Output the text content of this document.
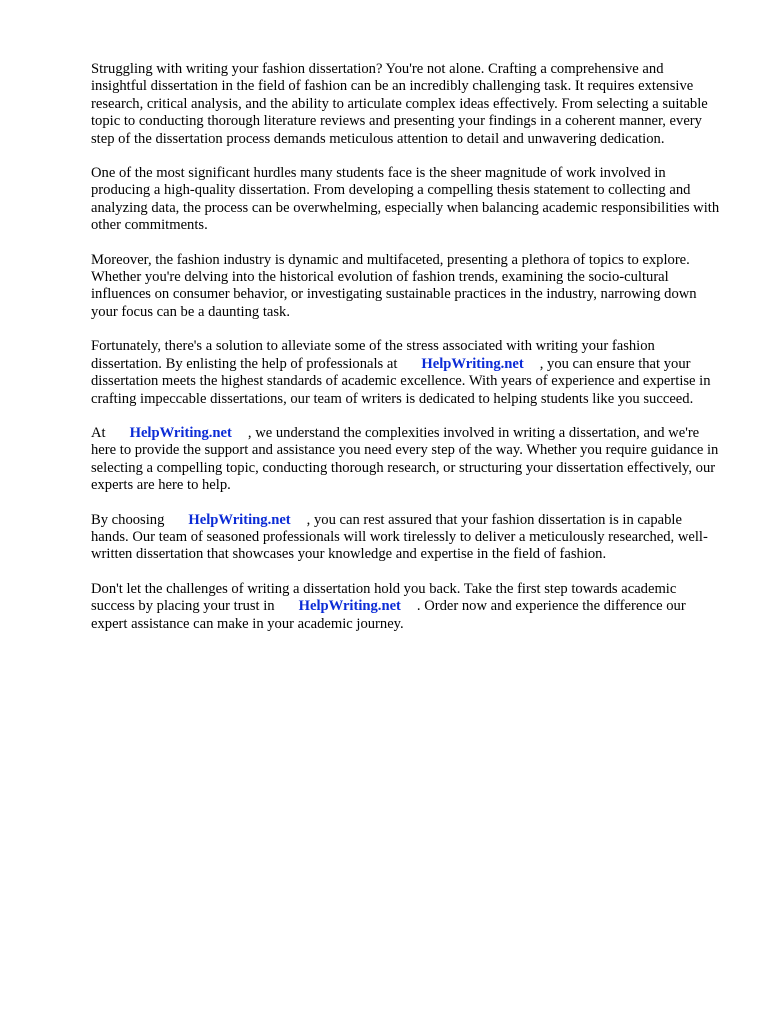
Struggling with writing your fashion dissertation? You're not alone. Crafting a comprehensive and insightful dissertation in the field of fashion can be an incredibly challenging task. It requires extensive research, critical analysis, and the ability to articulate complex ideas effectively. From selecting a suitable topic to conducting thorough literature reviews and presenting your findings in a coherent manner, every step of the dissertation process demands meticulous attention to detail and unwavering dedication.

One of the most significant hurdles many students face is the sheer magnitude of work involved in producing a high-quality dissertation. From developing a compelling thesis statement to collecting and analyzing data, the process can be overwhelming, especially when balancing academic responsibilities with other commitments.

Moreover, the fashion industry is dynamic and multifaceted, presenting a plethora of topics to explore. Whether you're delving into the historical evolution of fashion trends, examining the socio-cultural influences on consumer behavior, or investigating sustainable practices in the industry, narrowing down your focus can be a daunting task.

Fortunately, there's a solution to alleviate some of the stress associated with writing your fashion dissertation. By enlisting the help of professionals at HelpWriting.net , you can ensure that your dissertation meets the highest standards of academic excellence. With years of experience and expertise in crafting impeccable dissertations, our team of writers is dedicated to helping students like you succeed.

At HelpWriting.net , we understand the complexities involved in writing a dissertation, and we're here to provide the support and assistance you need every step of the way. Whether you require guidance in selecting a compelling topic, conducting thorough research, or structuring your dissertation effectively, our experts are here to help.

By choosing HelpWriting.net , you can rest assured that your fashion dissertation is in capable hands. Our team of seasoned professionals will work tirelessly to deliver a meticulously researched, well-written dissertation that showcases your knowledge and expertise in the field of fashion.

Don't let the challenges of writing a dissertation hold you back. Take the first step towards academic success by placing your trust in HelpWriting.net . Order now and experience the difference our expert assistance can make in your academic journey.
